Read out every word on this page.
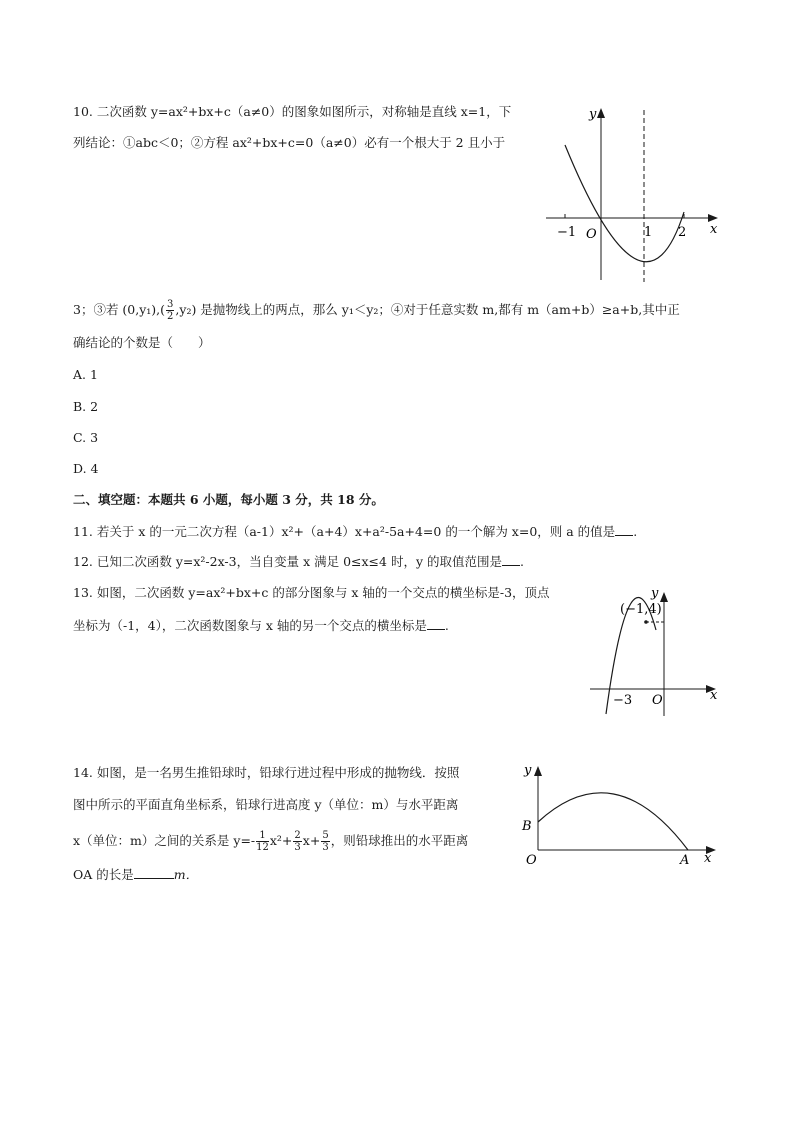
10. 二次函数 y=ax²+bx+c（a≠0）的图象如图所示，对称轴是直线 x=1，下
列结论：①abc＜0；②方程 ax²+bx+c=0（a≠0）必有一个根大于 2 且小于
y
x
O
−1	1 2
3；③若 $(0,y_1),( \frac{3}{2} ,y_2)$ 是抛物线上的两点，那么 y₁＜y₂；④对于任意实数 m,都有 m（am+b）≥a+b,其中正
确结论的个数是（　　）
A. 1
B. 2
C. 3
D. 4
二、填空题：本题共 6 小题，每小题 3 分，共 18 分。
11. 若关于 x 的一元二次方程（a-1）x²+（a+4）x+a²-5a+4=0 的一个解为 x=0，则 a 的值是 .
12. 已知二次函数 y=x²-2x-3，当自变量 x 满足 0≤x≤4 时，y 的取值范围是 .
13. 如图，二次函数 y=ax²+bx+c 的部分图象与 x 轴的一个交点的横坐标是-3，顶点
坐标为（-1，4），二次函数图象与 x 轴的另一个交点的横坐标是 .
y
x
O
(−1,4)
−3
14. 如图，是一名男生推铅球时，铅球行进过程中形成的抛物线．按照
图中所示的平面直角坐标系，铅球行进高度 y（单位：m）与水平距离
x（单位：m）之间的关系是 $y=- \frac{1}{12} x^2+ \frac{2}{3} x+ \frac{5}{3}$ ，则铅球推出的水平距离
OA 的长是	m．
y
x
O
B
A
